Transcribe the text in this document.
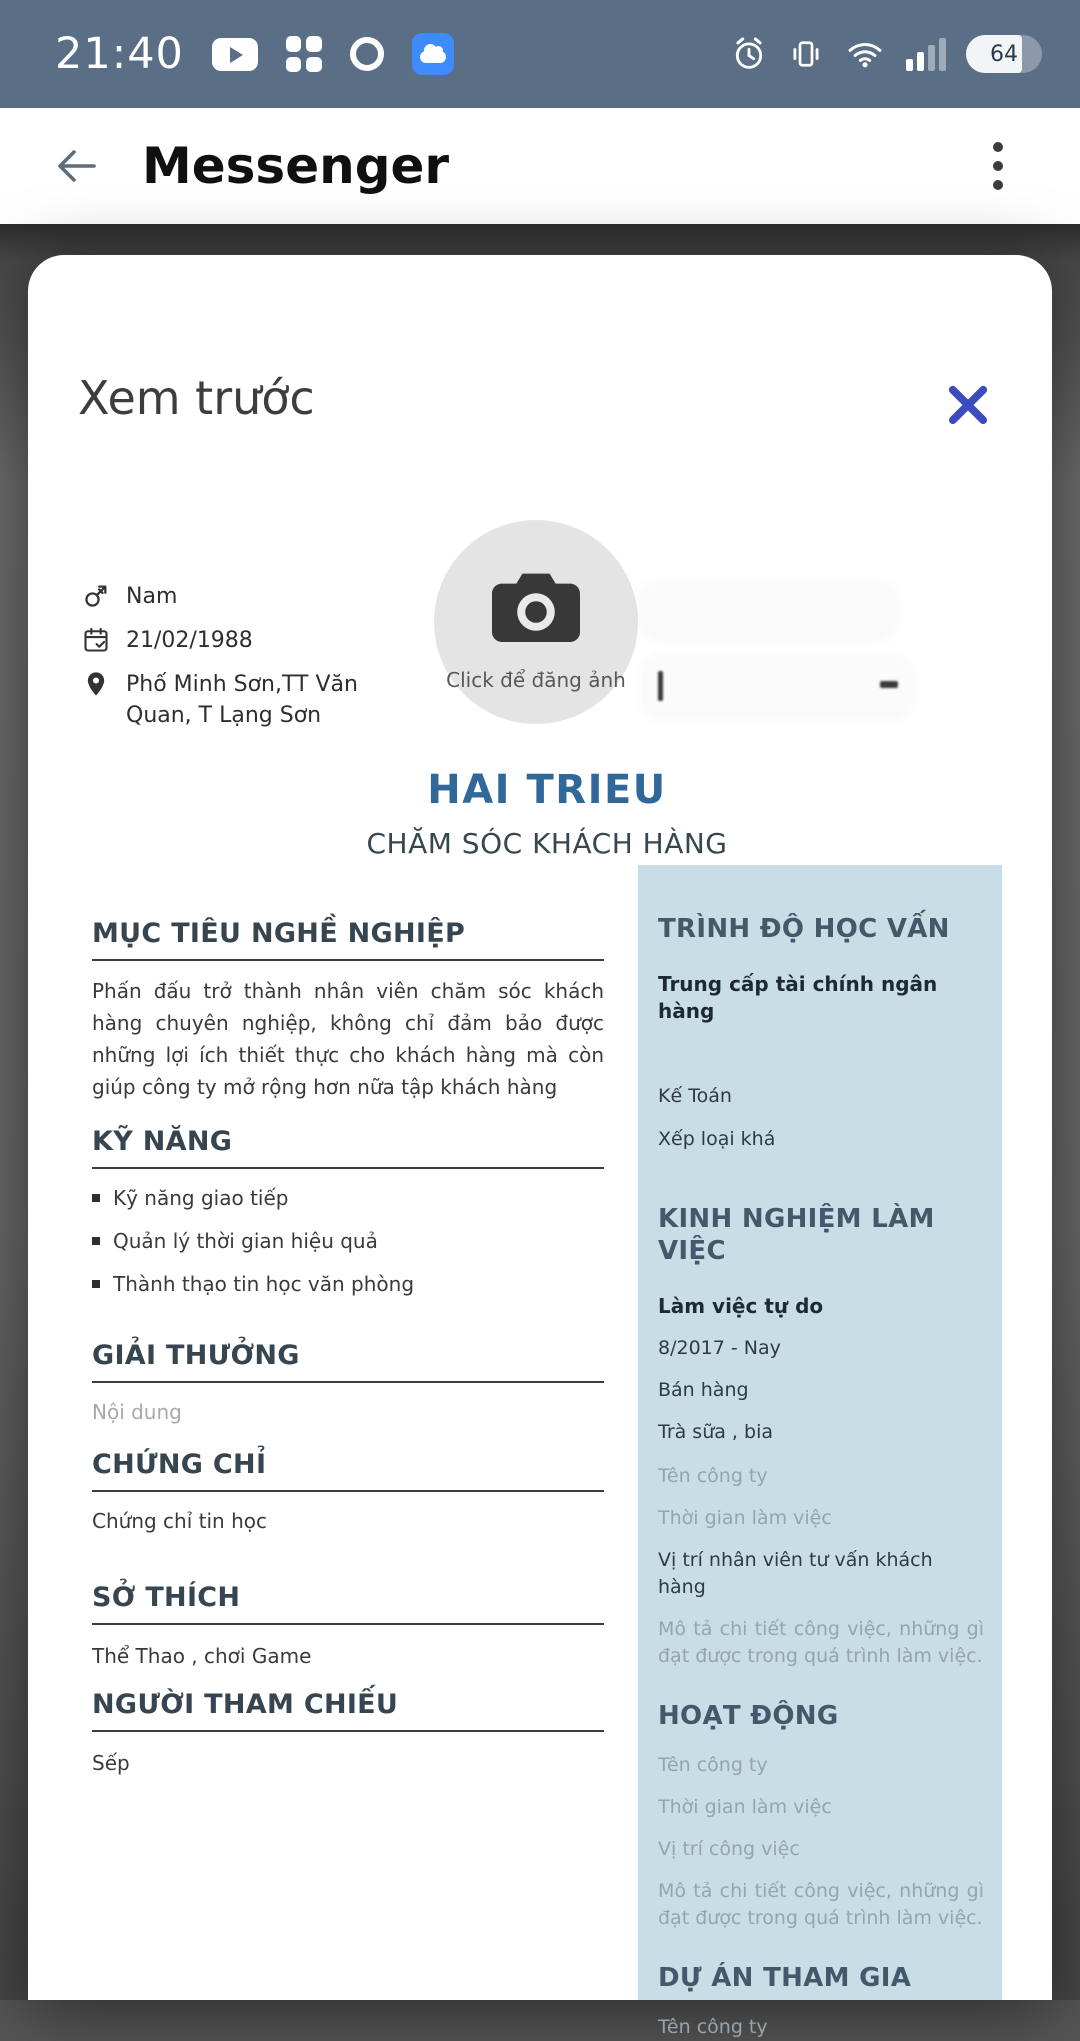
21:40	64
Messenger
Xem trước
Nam
21/02/1988
Phố Minh Sơn,TT Văn Quan, T Lạng Sơn
Click để đăng ảnh
HAI TRIEU
CHĂM SÓC KHÁCH HÀNG
MỤC TIÊU NGHỀ NGHIỆP

Phấn đấu trở thành nhân viên chăm sóc khách hàng chuyên nghiệp, không chỉ đảm bảo được những lợi ích thiết thực cho khách hàng mà còn giúp công ty mở rộng hơn nữa tập khách hàng

KỸ NĂNG
Kỹ năng giao tiếp
Quản lý thời gian hiệu quả
Thành thạo tin học văn phòng
GIẢI THƯỞNG
Nội dung
CHỨNG CHỈ
Chứng chỉ tin học
SỞ THÍCH
Thể Thao , chơi Game
NGƯỜI THAM CHIẾU
Sếp
TRÌNH ĐỘ HỌC VẤN
Trung cấp tài chính ngân hàng
Kế Toán
Xếp loại khá
KINH NGHIỆM LÀM VIỆC
Làm việc tự do
8/2017 - Nay
Bán hàng
Trà sữa , bia
Tên công ty
Thời gian làm việc
Vị trí nhân viên tư vấn khách hàng
Mô tả chi tiết công việc, những gì đạt được trong quá trình làm việc.
HOẠT ĐỘNG
Tên công ty
Thời gian làm việc
Vị trí công việc
Mô tả chi tiết công việc, những gì đạt được trong quá trình làm việc.
DỰ ÁN THAM GIA
Tên công ty
